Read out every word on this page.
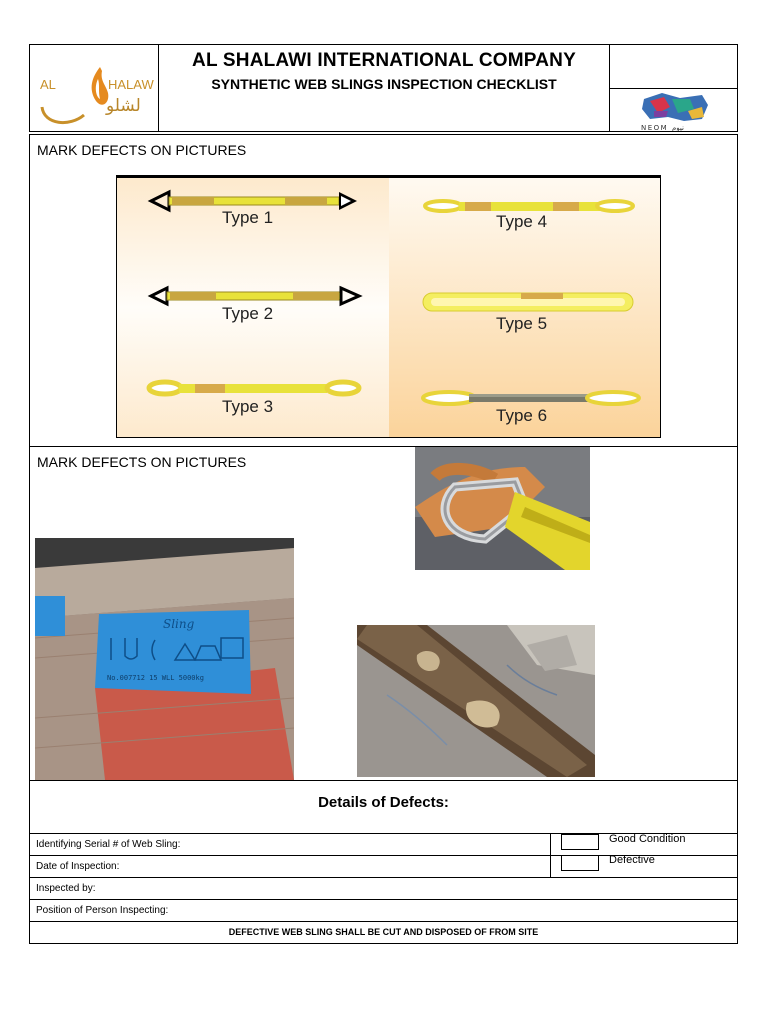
AL	HALAW
لشلو
AL SHALAWI INTERNATIONAL COMPANY
SYNTHETIC WEB SLINGS INSPECTION CHECKLIST
NEOM نيوم
MARK DEFECTS ON PICTURES
Type 1
Type 2
Type 3
Type 4
Type 5
Type 6
MARK DEFECTS ON PICTURES
Sling
No.007712 15 WLL 5000kg
Details of Defects:
Identifying Serial # of Web Sling:	Good Condition
Date of Inspection:
Defective
Inspected by:
Position of Person Inspecting:
DEFECTIVE WEB SLING SHALL BE CUT AND DISPOSED OF FROM SITE
